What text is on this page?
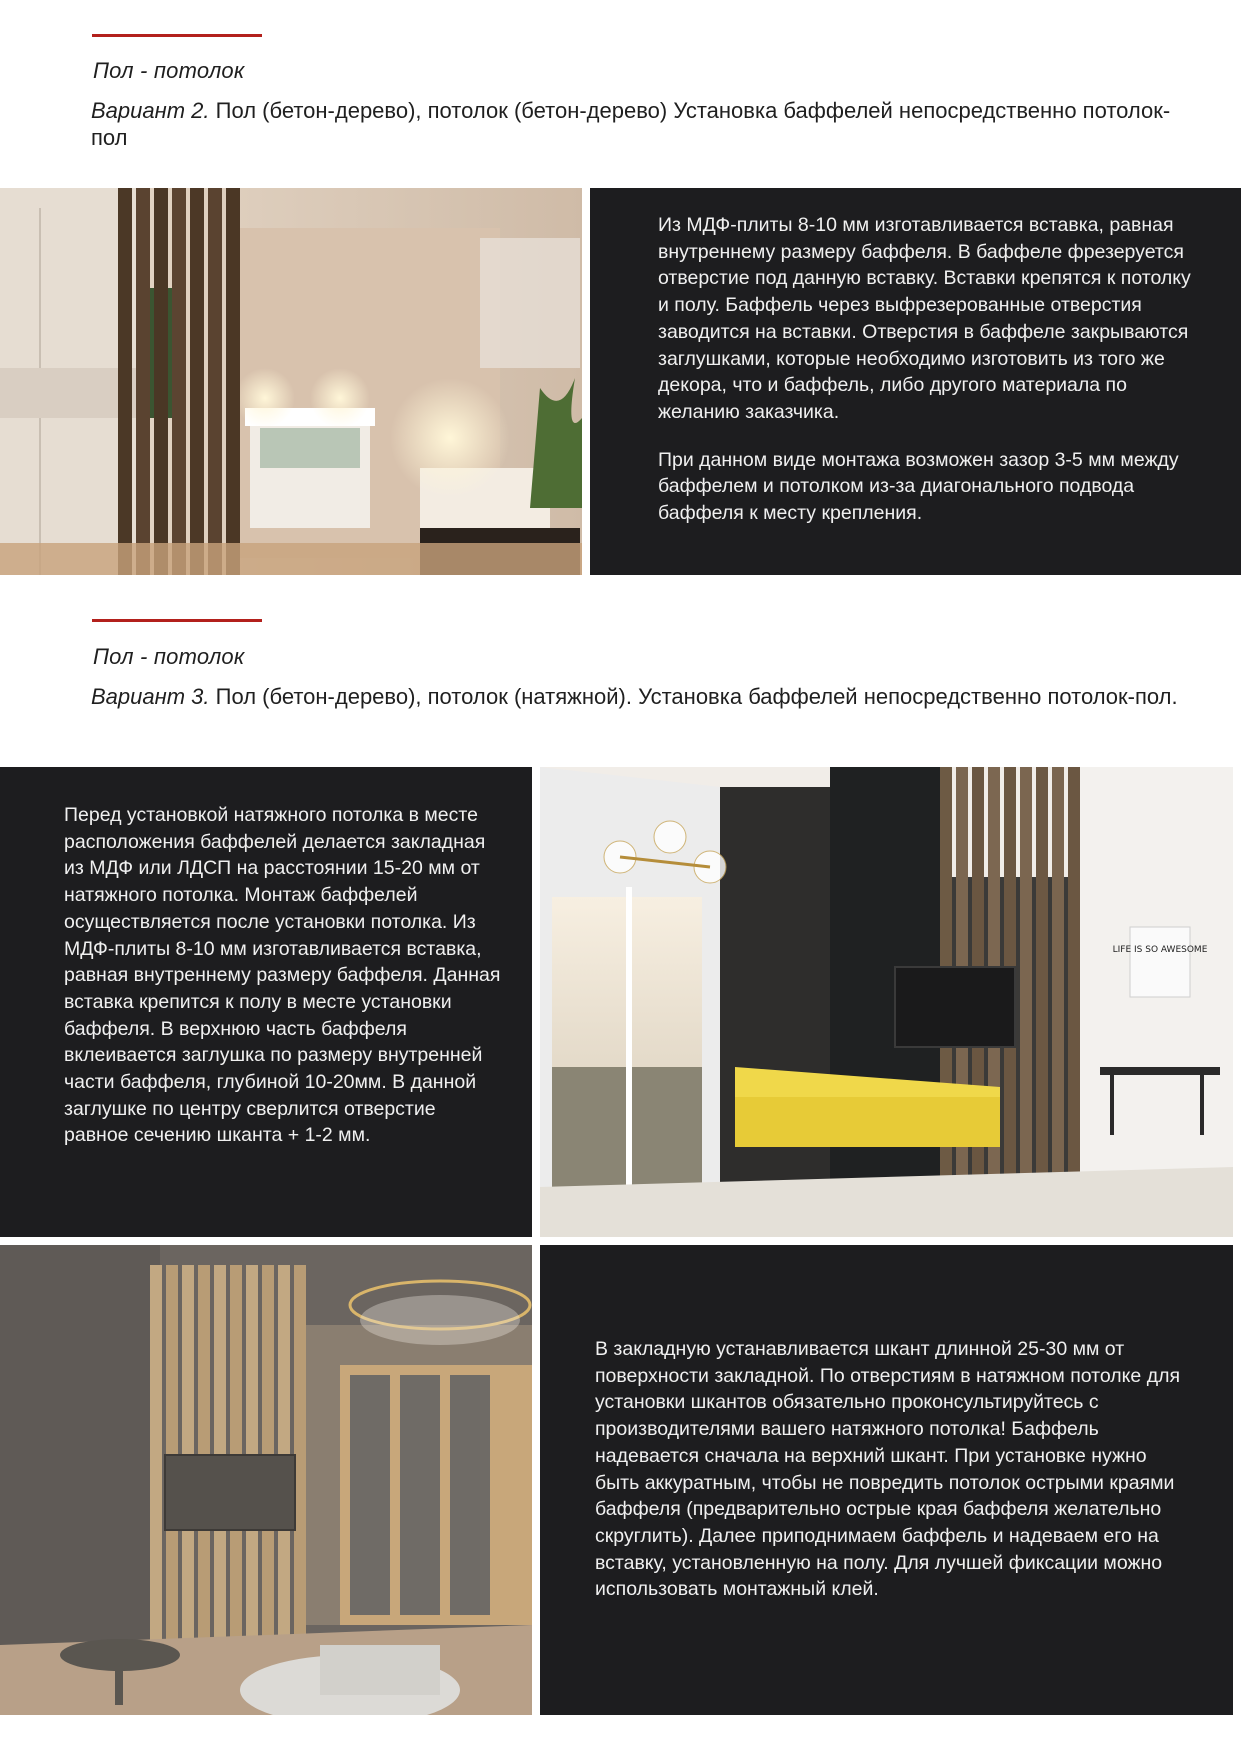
Пол - потолок
Вариант 2. Пол (бетон-дерево), потолок (бетон-дерево) Установка баффелей непосредственно потолок-пол

Из МДФ-плиты 8-10 мм изготавливается вставка, равная внутреннему размеру баффеля. В баффеле фрезеруется отверстие под данную вставку. Вставки крепятся к потолку и полу. Баффель через выфрезерованные отверстия заводится на вставки. Отверстия в баффеле закрываются заглушками, которые необходимо изготовить из того же декора, что и баффель, либо другого материала по желанию заказчика.

При данном виде монтажа возможен зазор 3-5 мм между баффелем и потолком из-за диагонального подвода баффеля к месту крепления.

Пол - потолок
Вариант 3. Пол (бетон-дерево), потолок (натяжной). Установка баффелей непосредственно потолок-пол.

Перед установкой натяжного потолка в месте расположения баффелей делается закладная из МДФ или ЛДСП на расстоянии 15-20 мм от натяжного потолка. Монтаж баффелей осуществляется после установки потолка. Из МДФ-плиты 8-10 мм изготавливается вставка, равная внутреннему размеру баффеля. Данная вставка крепится к полу в месте установки баффеля. В верхнюю часть баффеля вклеивается заглушка по размеру внутренней части баффеля, глубиной 10-20мм. В данной заглушке по центру сверлится отверстие равное сечению шканта + 1-2 мм.

LIFE IS SO AWESOME

В закладную устанавливается шкант длинной 25-30 мм от поверхности закладной. По отверстиям в натяжном потолке для установки шкантов обязательно проконсультируйтесь с производителями вашего натяжного потолка! Баффель надевается сначала на верхний шкант. При установке нужно быть аккуратным, чтобы не повредить потолок острыми краями баффеля (предварительно острые края баффеля желательно скруглить). Далее приподнимаем баффель и надеваем его на вставку, установленную на полу. Для лучшей фиксации можно использовать монтажный клей.
